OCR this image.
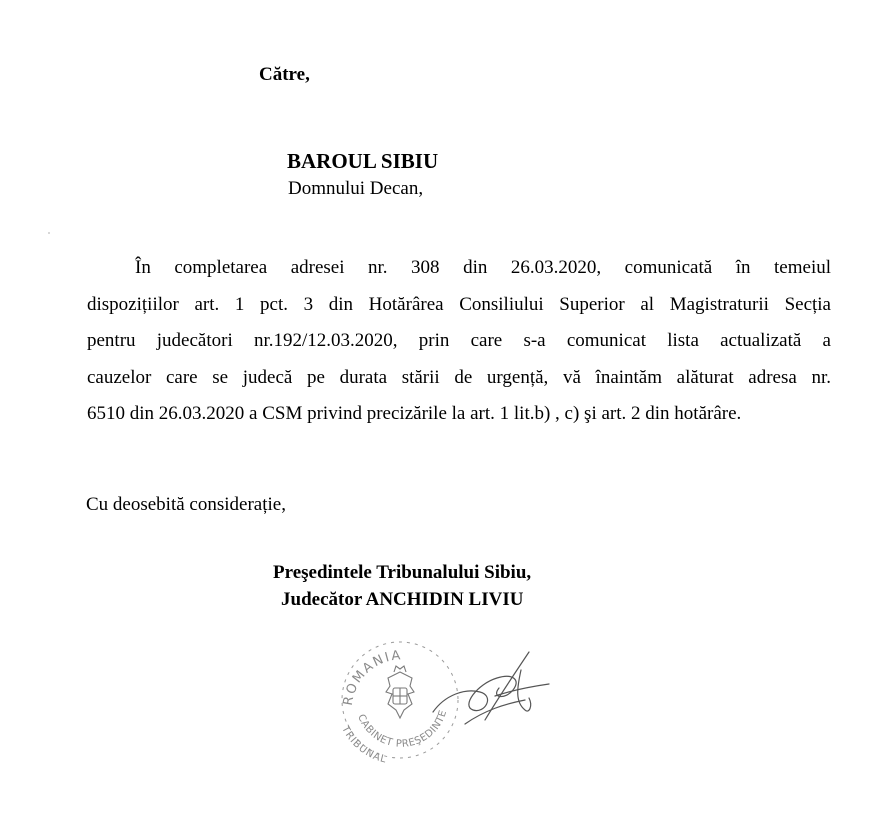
Către,
BAROUL SIBIU
Domnului Decan,
În completarea adresei nr. 308 din 26.03.2020, comunicată în temeiul
dispozițiilor art. 1 pct. 3 din Hotărârea Consiliului Superior al Magistraturii Secția
pentru judecători nr.192/12.03.2020, prin care s-a comunicat lista actualizată a
cauzelor care se judecă pe durata stării de urgență, vă înaintăm alăturat adresa nr.
6510 din 26.03.2020 a CSM privind precizările la art. 1 lit.b) , c) şi art. 2 din hotărâre.
Cu deosebită considerație,
Preşedintele Tribunalului Sibiu,
Judecător ANCHIDIN LIVIU
ROMANIA
CABINET PREŞEDINTE
TRIBUNAL
